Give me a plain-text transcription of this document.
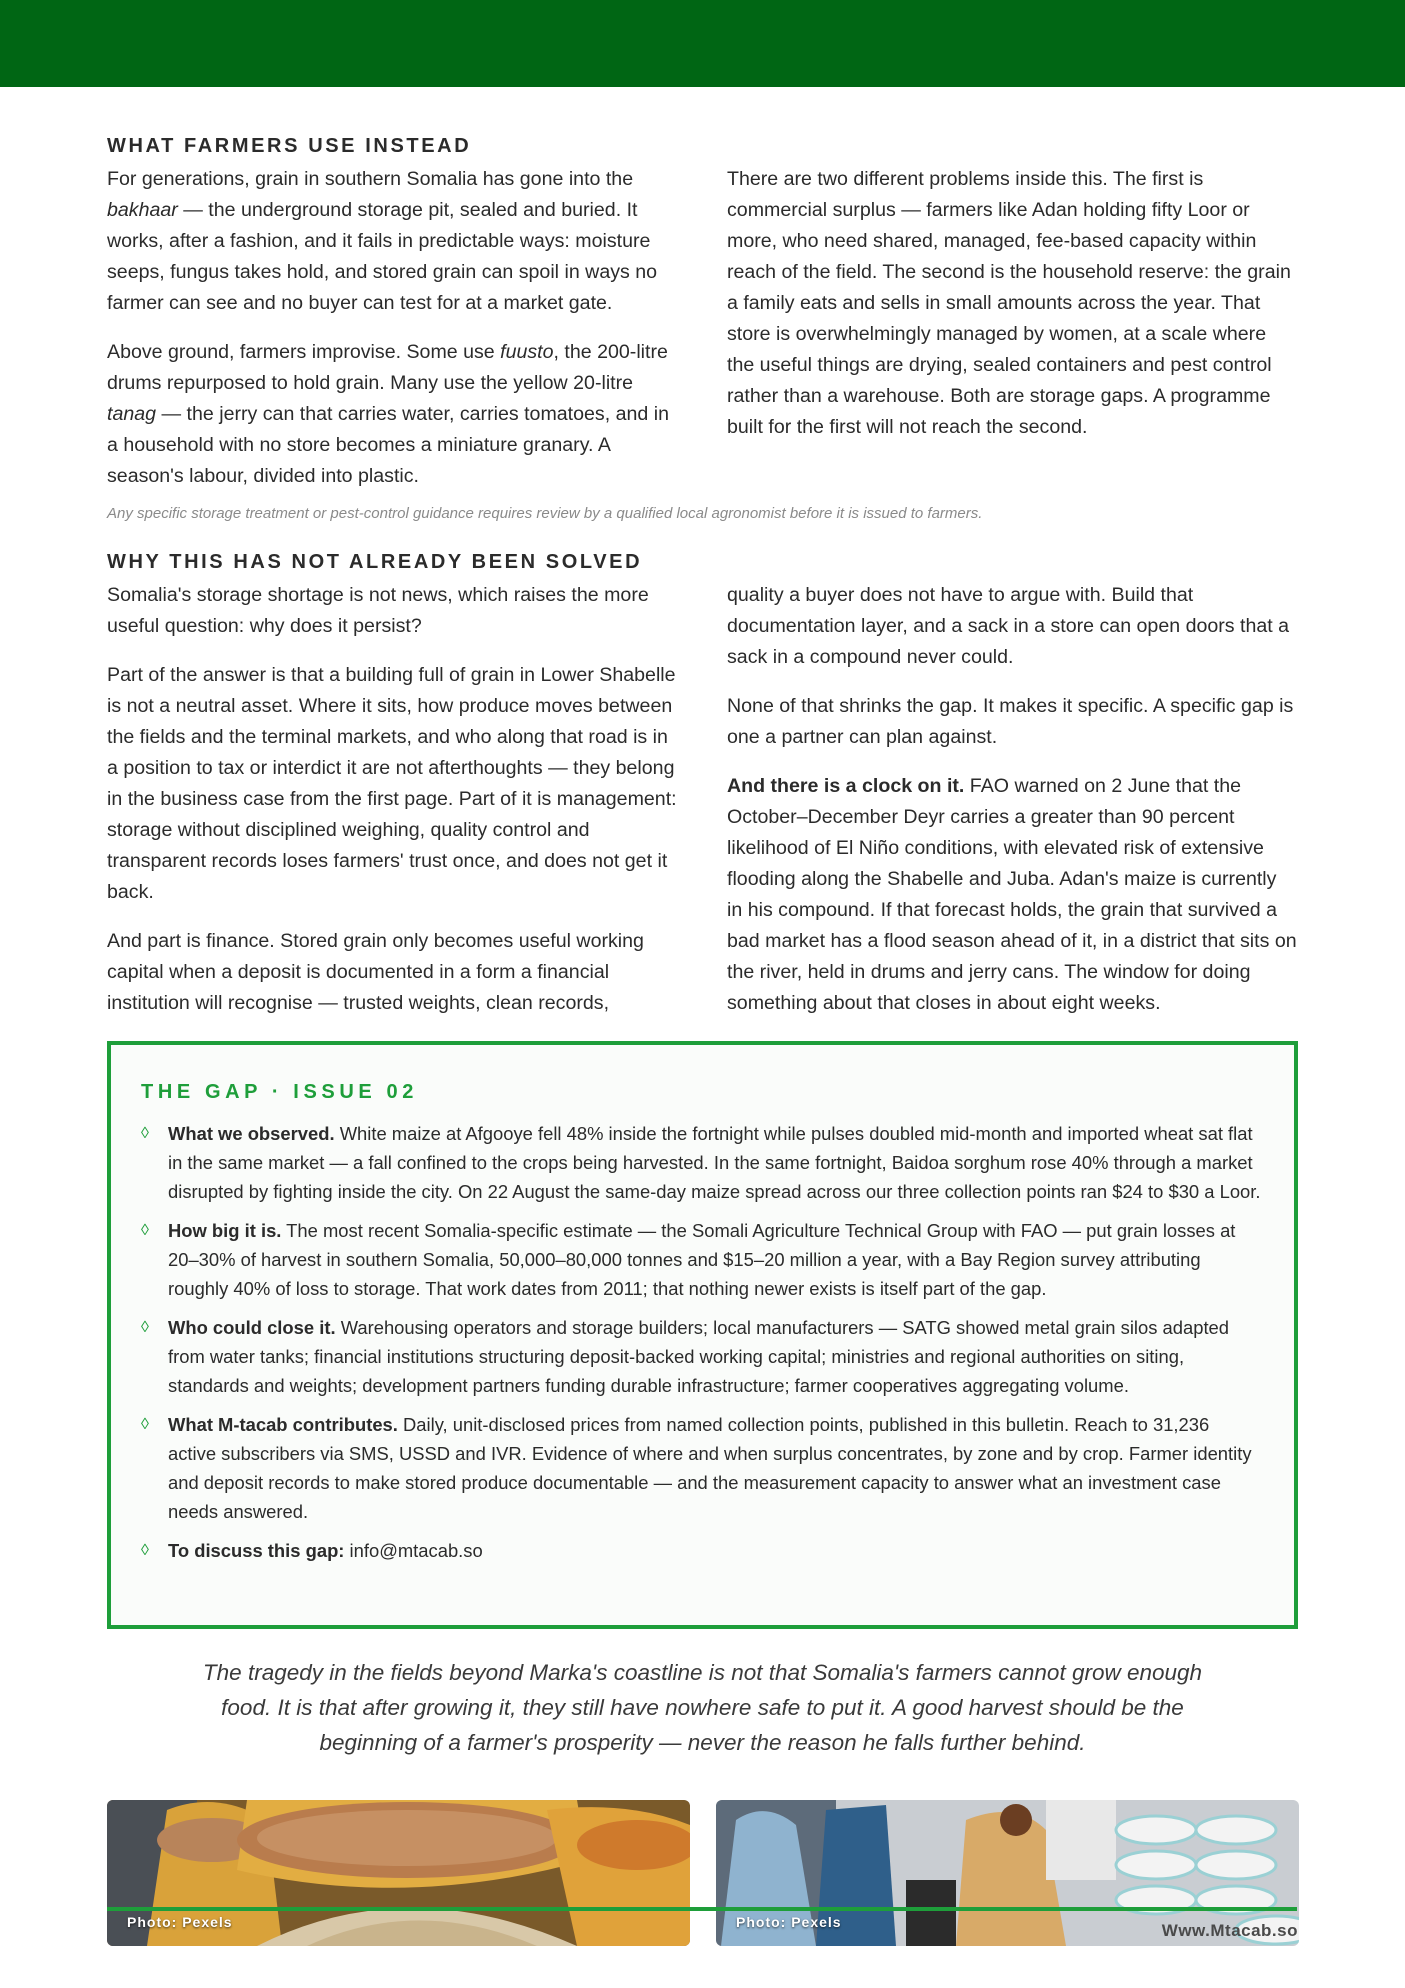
WHAT FARMERS USE INSTEAD

For generations, grain in southern Somalia has gone into the bakhaar — the underground storage pit, sealed and buried. It works, after a fashion, and it fails in predictable ways: moisture seeps, fungus takes hold, and stored grain can spoil in ways no farmer can see and no buyer can test for at a market gate.

Above ground, farmers improvise. Some use fuusto, the 200-litre drums repurposed to hold grain. Many use the yellow 20-litre tanag — the jerry can that carries water, carries tomatoes, and in a household with no store becomes a miniature granary. A season's labour, divided into plastic.

There are two different problems inside this. The first is commercial surplus — farmers like Adan holding fifty Loor or more, who need shared, managed, fee-based capacity within reach of the field. The second is the household reserve: the grain a family eats and sells in small amounts across the year. That store is overwhelmingly managed by women, at a scale where the useful things are drying, sealed containers and pest control rather than a warehouse. Both are storage gaps. A programme built for the first will not reach the second.

Any specific storage treatment or pest-control guidance requires review by a qualified local agronomist before it is issued to farmers.
WHY THIS HAS NOT ALREADY BEEN SOLVED

Somalia's storage shortage is not news, which raises the more useful question: why does it persist?

Part of the answer is that a building full of grain in Lower Shabelle is not a neutral asset. Where it sits, how produce moves between the fields and the terminal markets, and who along that road is in a position to tax or interdict it are not afterthoughts — they belong in the business case from the first page. Part of it is management: storage without disciplined weighing, quality control and transparent records loses farmers' trust once, and does not get it back.

And part is finance. Stored grain only becomes useful working capital when a deposit is documented in a form a financial institution will recognise — trusted weights, clean records,

quality a buyer does not have to argue with. Build that documentation layer, and a sack in a store can open doors that a sack in a compound never could.

None of that shrinks the gap. It makes it specific. A specific gap is one a partner can plan against.

And there is a clock on it. FAO warned on 2 June that the October–December Deyr carries a greater than 90 percent likelihood of El Niño conditions, with elevated risk of extensive flooding along the Shabelle and Juba. Adan's maize is currently in his compound. If that forecast holds, the grain that survived a bad market has a flood season ahead of it, in a district that sits on the river, held in drums and jerry cans. The window for doing something about that closes in about eight weeks.

THE GAP · ISSUE 02
◊ What we observed. White maize at Afgooye fell 48% inside the fortnight while pulses doubled mid-month and imported wheat sat flat in the same market — a fall confined to the crops being harvested. In the same fortnight, Baidoa sorghum rose 40% through a market disrupted by fighting inside the city. On 22 August the same-day maize spread across our three collection points ran $24 to $30 a Loor.
◊ How big it is. The most recent Somalia-specific estimate — the Somali Agriculture Technical Group with FAO — put grain losses at 20–30% of harvest in southern Somalia, 50,000–80,000 tonnes and $15–20 million a year, with a Bay Region survey attributing roughly 40% of loss to storage. That work dates from 2011; that nothing newer exists is itself part of the gap.
◊ Who could close it. Warehousing operators and storage builders; local manufacturers — SATG showed metal grain silos adapted from water tanks; financial institutions structuring deposit-backed working capital; ministries and regional authorities on siting, standards and weights; development partners funding durable infrastructure; farmer cooperatives aggregating volume.
◊ What M-tacab contributes. Daily, unit-disclosed prices from named collection points, published in this bulletin. Reach to 31,236 active subscribers via SMS, USSD and IVR. Evidence of where and when surplus concentrates, by zone and by crop. Farmer identity and deposit records to make stored produce documentable — and the measurement capacity to answer what an investment case needs answered.
◊ To discuss this gap: info@mtacab.so
The tragedy in the fields beyond Marka's coastline is not that Somalia's farmers cannot grow enough food. It is that after growing it, they still have nowhere safe to put it. A good harvest should be the beginning of a farmer's prosperity — never the reason he falls further behind.
Photo: Pexels	Photo: Pexels	Www.Mtacab.so
